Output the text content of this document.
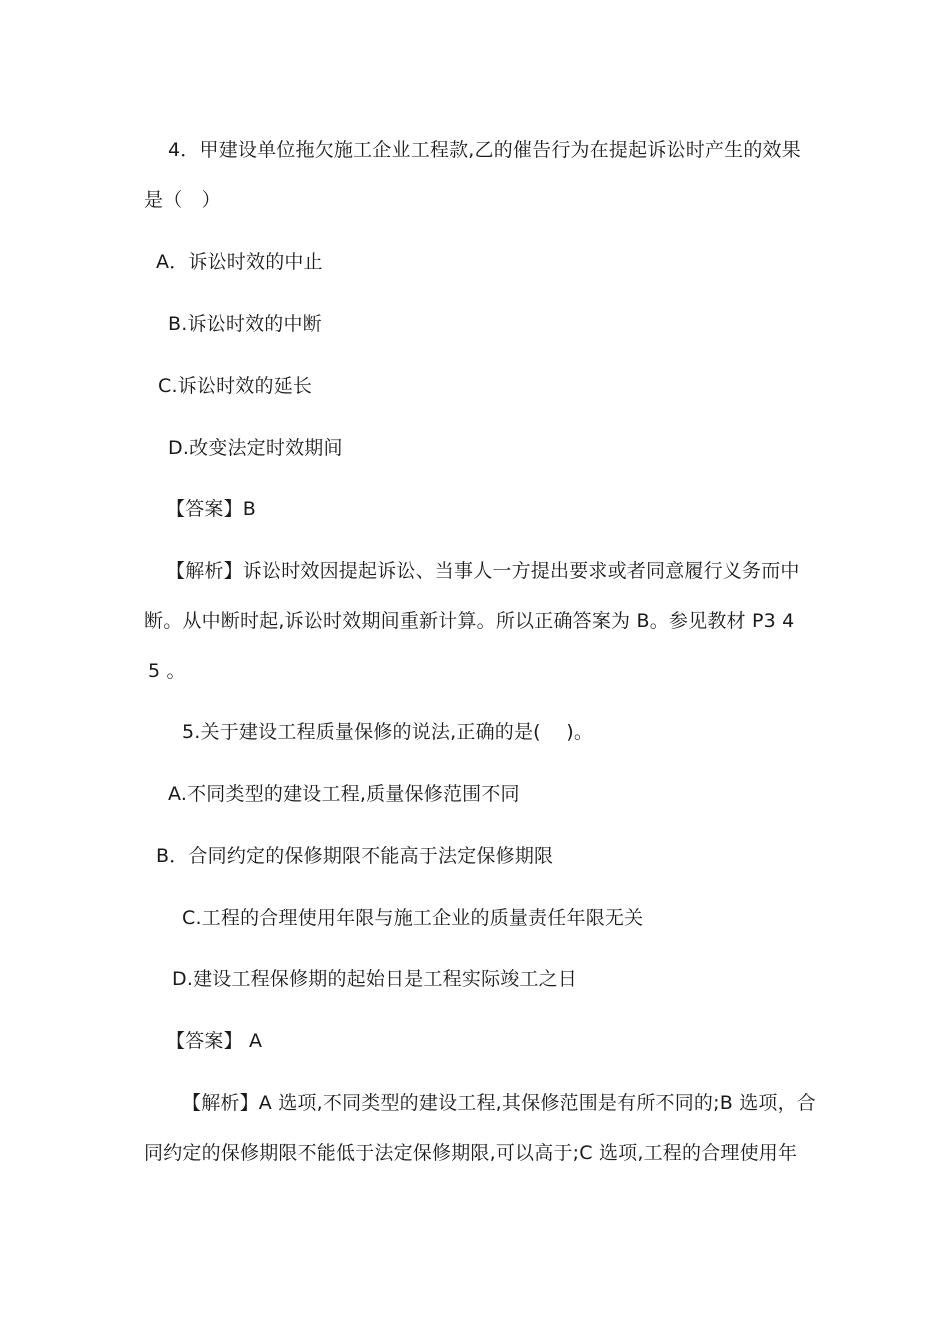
4．甲建设单位拖欠施工企业工程款,乙的催告行为在提起诉讼时产生的效果
是（　）
A．诉讼时效的中止
B.诉讼时效的中断
C.诉讼时效的延长
D.改变法定时效期间
【答案】B
【解析】诉讼时效因提起诉讼、当事人一方提出要求或者同意履行义务而中
断。从中断时起,诉讼时效期间重新计算。所以正确答案为 B。参见教材 P3 4
5 。
5.关于建设工程质量保修的说法,正确的是(　 )。
A.不同类型的建设工程,质量保修范围不同
B．合同约定的保修期限不能高于法定保修期限
C.工程的合理使用年限与施工企业的质量责任年限无关
D.建设工程保修期的起始日是工程实际竣工之日
【答案】 A
【解析】A 选项,不同类型的建设工程,其保修范围是有所不同的;B 选项，合
同约定的保修期限不能低于法定保修期限,可以高于;C 选项,工程的合理使用年
